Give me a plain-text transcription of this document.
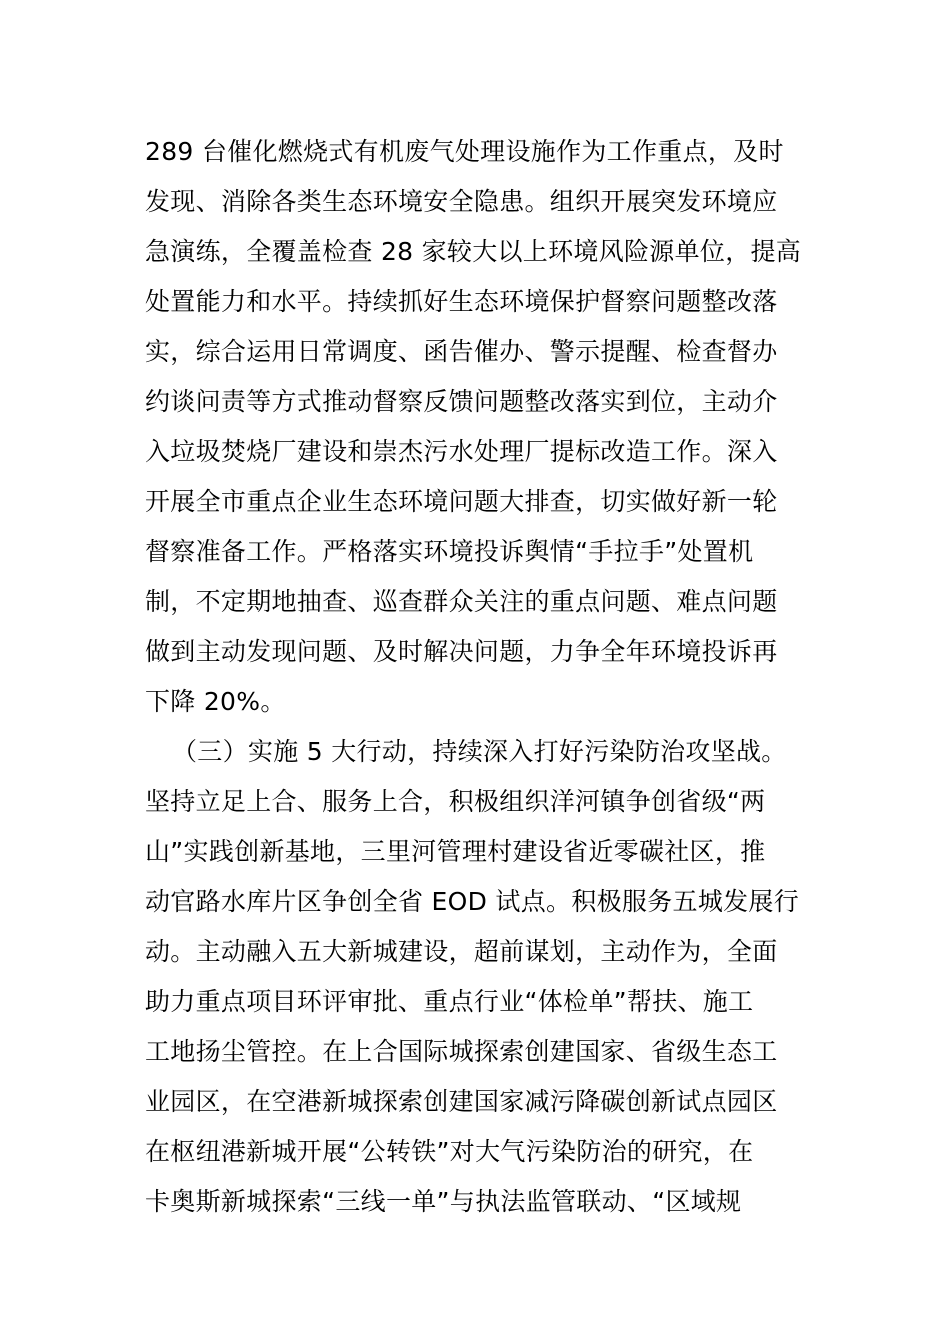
289 台催化燃烧式有机废气处理设施作为工作重点，及时
发现、消除各类生态环境安全隐患。组织开展突发环境应
急演练，全覆盖检查 28 家较大以上环境风险源单位，提高
处置能力和水平。持续抓好生态环境保护督察问题整改落
实，综合运用日常调度、函告催办、警示提醒、检查督办
约谈问责等方式推动督察反馈问题整改落实到位，主动介
入垃圾焚烧厂建设和崇杰污水处理厂提标改造工作。深入
开展全市重点企业生态环境问题大排查，切实做好新一轮
督察准备工作。严格落实环境投诉舆情“手拉手”处置机
制，不定期地抽查、巡查群众关注的重点问题、难点问题
做到主动发现问题、及时解决问题，力争全年环境投诉再
下降 20%。
（三）实施 5 大行动，持续深入打好污染防治攻坚战。
坚持立足上合、服务上合，积极组织洋河镇争创省级“两
山”实践创新基地，三里河管理村建设省近零碳社区，推
动官路水库片区争创全省 EOD 试点。积极服务五城发展行
动。主动融入五大新城建设，超前谋划，主动作为，全面
助力重点项目环评审批、重点行业“体检单”帮扶、施工
工地扬尘管控。在上合国际城探索创建国家、省级生态工
业园区，在空港新城探索创建国家减污降碳创新试点园区
在枢纽港新城开展“公转铁”对大气污染防治的研究，在
卡奥斯新城探索“三线一单”与执法监管联动、“区域规
